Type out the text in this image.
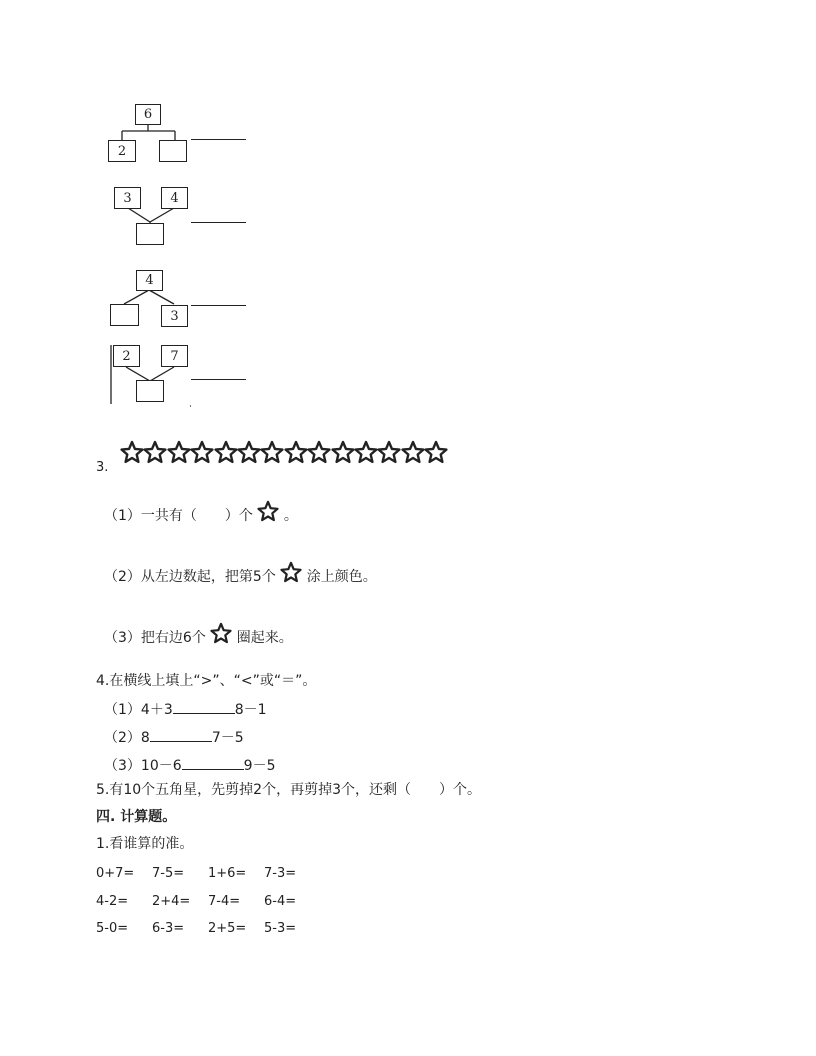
6
2
3	4
4
3
2	7
3.
（1）一共有（　　）个 。
（2）从左边数起，把第5个 涂上颜色。
（3）把右边6个 圈起来。
4.在横线上填上“>”、“<”或“＝”。
（1）4＋3	8－1
（2）8	7－5
（3）10－6	9－5
5.有10个五角星，先剪掉2个，再剪掉3个，还剩（　　）个。
四. 计算题。
1.看谁算的准。
0+7= 7-5= 1+6= 7-3=
4-2= 2+4= 7-4= 6-4=
5-0= 6-3= 2+5= 5-3=
